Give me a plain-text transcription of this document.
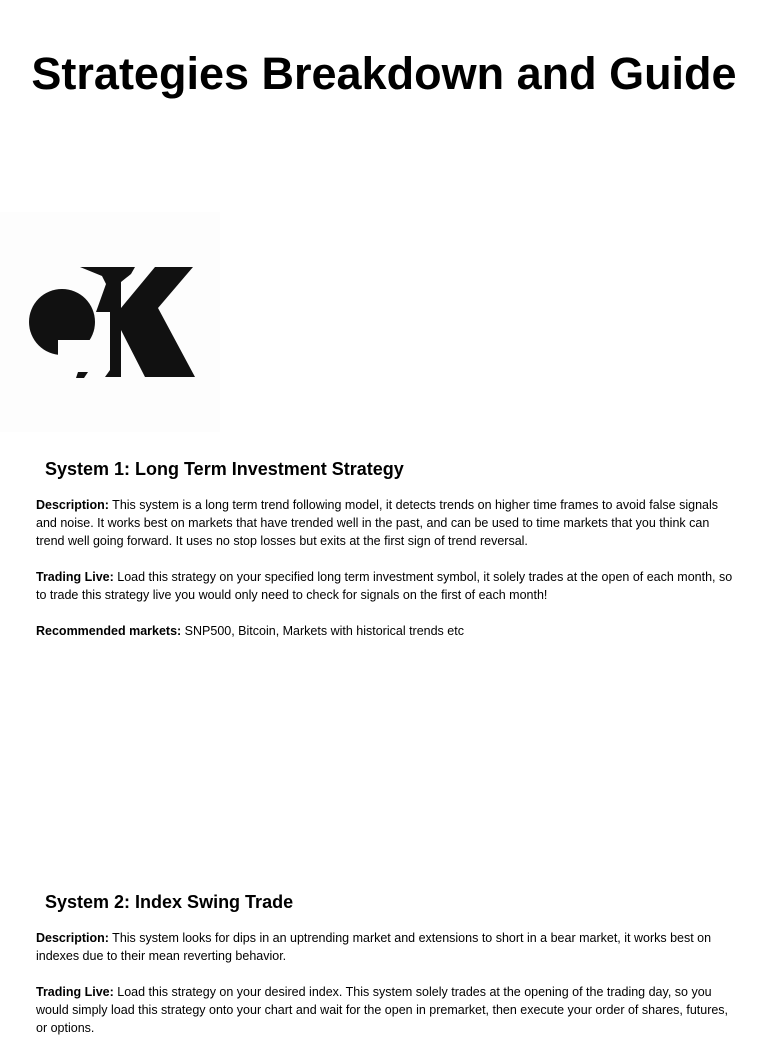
Strategies Breakdown and Guide
System 1: Long Term Investment Strategy

Description: This system is a long term trend following model, it detects trends on higher time frames to avoid false signals and noise. It works best on markets that have trended well in the past, and can be used to time markets that you think can trend well going forward. It uses no stop losses but exits at the first sign of trend reversal.

Trading Live: Load this strategy on your specified long term investment symbol, it solely trades at the open of each month, so to trade this strategy live you would only need to check for signals on the first of each month!

Recommended markets: SNP500, Bitcoin, Markets with historical trends etc

System 2: Index Swing Trade

Description: This system looks for dips in an uptrending market and extensions to short in a bear market, it works best on indexes due to their mean reverting behavior.

Trading Live: Load this strategy on your desired index. This system solely trades at the opening of the trading day, so you would simply load this strategy onto your chart and wait for the open in premarket, then execute your order of shares, futures, or options.
